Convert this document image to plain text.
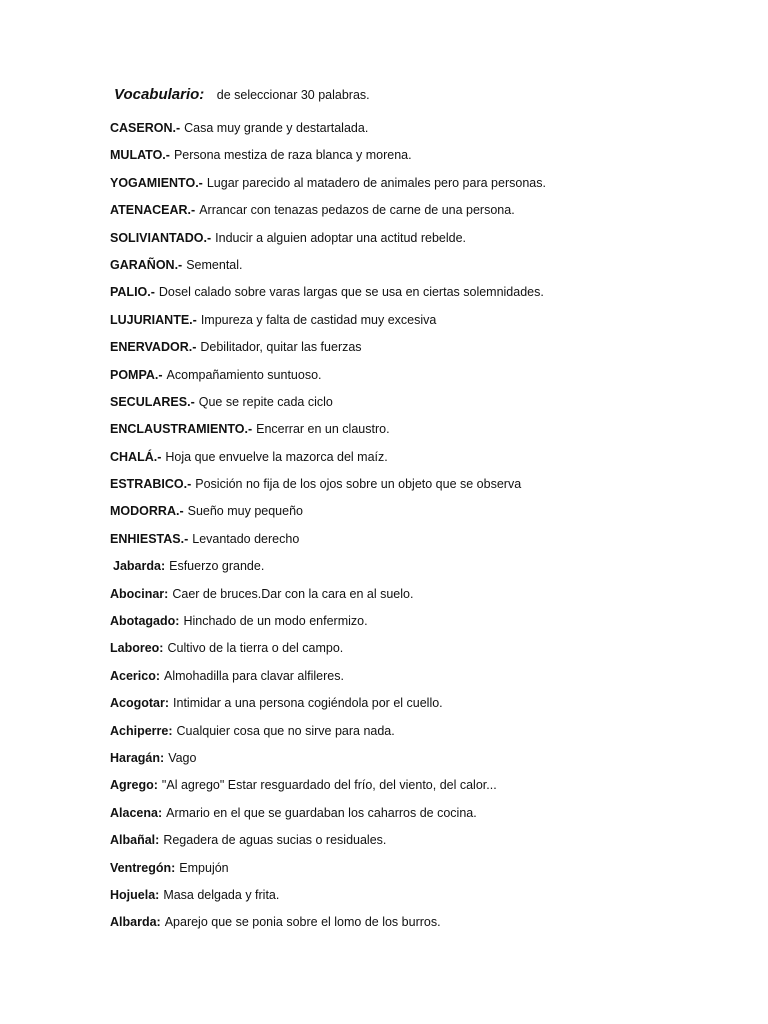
Vocabulario: de seleccionar 30 palabras.
CASERON.- Casa muy grande y destartalada.
MULATO.- Persona mestiza de raza blanca y morena.
YOGAMIENTO.- Lugar parecido al matadero de animales pero para personas.
ATENACEAR.- Arrancar con tenazas pedazos de carne de una persona.
SOLIVIANTADO.- Inducir a alguien adoptar una actitud rebelde.
GARAÑON.- Semental.
PALIO.- Dosel calado sobre varas largas que se usa en ciertas solemnidades.
LUJURIANTE.- Impureza y falta de castidad muy excesiva
ENERVADOR.- Debilitador, quitar las fuerzas
POMPA.- Acompañamiento suntuoso.
SECULARES.- Que se repite cada ciclo
ENCLAUSTRAMIENTO.- Encerrar en un claustro.
CHALÁ.- Hoja que envuelve la mazorca del maíz.
ESTRABICO.- Posición no fija de los ojos sobre un objeto que se observa
MODORRA.- Sueño muy pequeño
ENHIESTAS.- Levantado derecho
Jabarda: Esfuerzo grande.
Abocinar: Caer de bruces.Dar con la cara en al suelo.
Abotagado: Hinchado de un modo enfermizo.
Laboreo: Cultivo de la tierra o del campo.
Acerico: Almohadilla para clavar alfileres.
Acogotar: Intimidar a una persona cogiéndola por el cuello.
Achiperre: Cualquier cosa que no sirve para nada.
Haragán: Vago
Agrego: "Al agrego" Estar resguardado del frío, del viento, del calor...
Alacena: Armario en el que se guardaban los caharros de cocina.
Albañal: Regadera de aguas sucias o residuales.
Ventregón: Empujón
Hojuela: Masa delgada y frita.
Albarda: Aparejo que se ponia sobre el lomo de los burros.
